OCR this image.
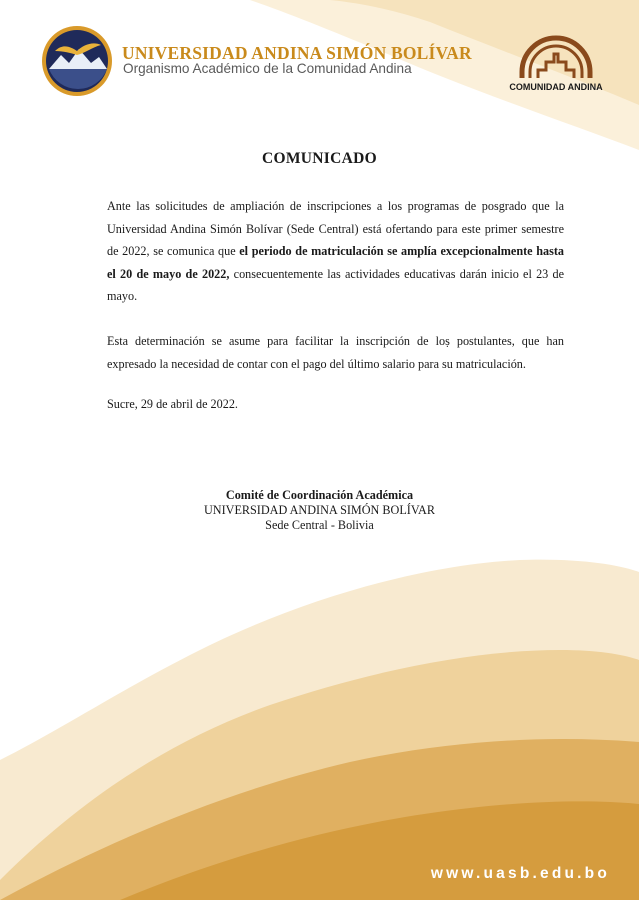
UNIVERSIDAD ANDINA SIMÓN BOLÍVAR
Organismo Académico de la Comunidad Andina
COMUNIDAD ANDINA
COMUNICADO
Ante las solicitudes de ampliación de inscripciones a los programas de posgrado que la Universidad Andina Simón Bolívar (Sede Central) está ofertando para este primer semestre de 2022, se comunica que el periodo de matriculación se amplía excepcionalmente hasta el 20 de mayo de 2022, consecuentemente las actividades educativas darán inicio el 23 de mayo.
Esta determinación se asume para facilitar la inscripción de loṣ postulantes, que han expresado la necesidad de contar con el pago del último salario para su matriculación.
Sucre, 29 de abril de 2022.
Comité de Coordinación Académica
UNIVERSIDAD ANDINA SIMÓN BOLÍVAR
Sede Central - Bolivia
www.uasb.edu.bo
